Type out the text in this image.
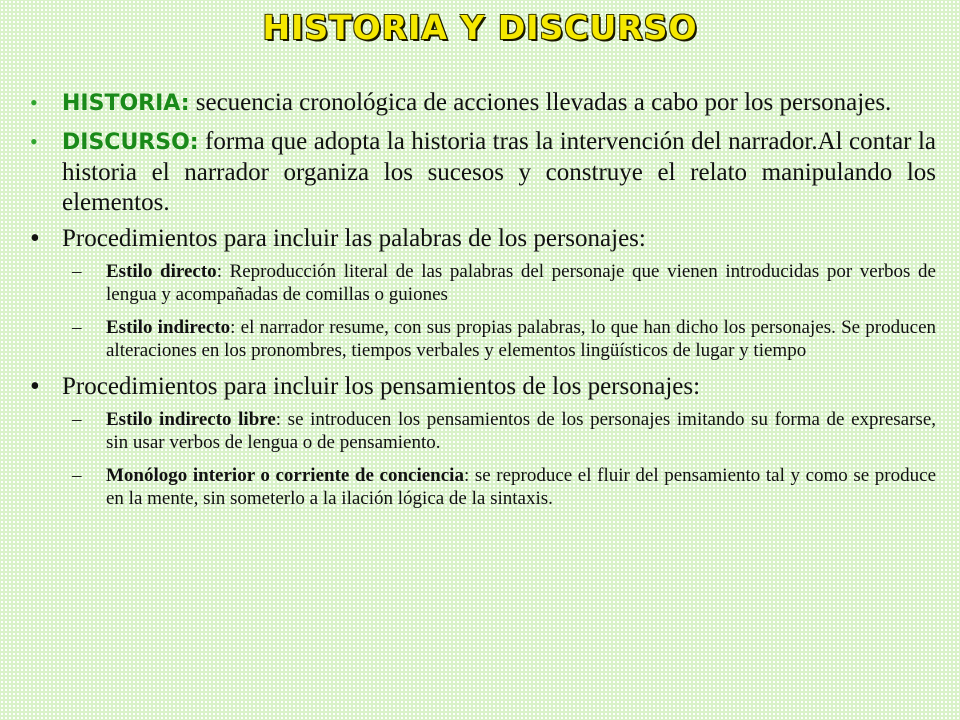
HISTORIA Y DISCURSO
• HISTORIA: secuencia cronológica de acciones llevadas a cabo por los personajes.
• DISCURSO: forma que adopta la historia tras la intervención del narrador.Al contar la historia el narrador organiza los sucesos y construye el relato manipulando los elementos.
• Procedimientos para incluir las palabras de los personajes:
– Estilo directo: Reproducción literal de las palabras del personaje que vienen introducidas por verbos de lengua y acompañadas de comillas o guiones
– Estilo indirecto: el narrador resume, con sus propias palabras, lo que han dicho los personajes. Se producen alteraciones en los pronombres, tiempos verbales y elementos lingüísticos de lugar y tiempo
• Procedimientos para incluir los pensamientos de los personajes:
– Estilo indirecto libre: se introducen los pensamientos de los personajes imitando su forma de expresarse, sin usar verbos de lengua o de pensamiento.
– Monólogo interior o corriente de conciencia: se reproduce el fluir del pensamiento tal y como se produce en la mente, sin someterlo a la ilación lógica de la sintaxis.
